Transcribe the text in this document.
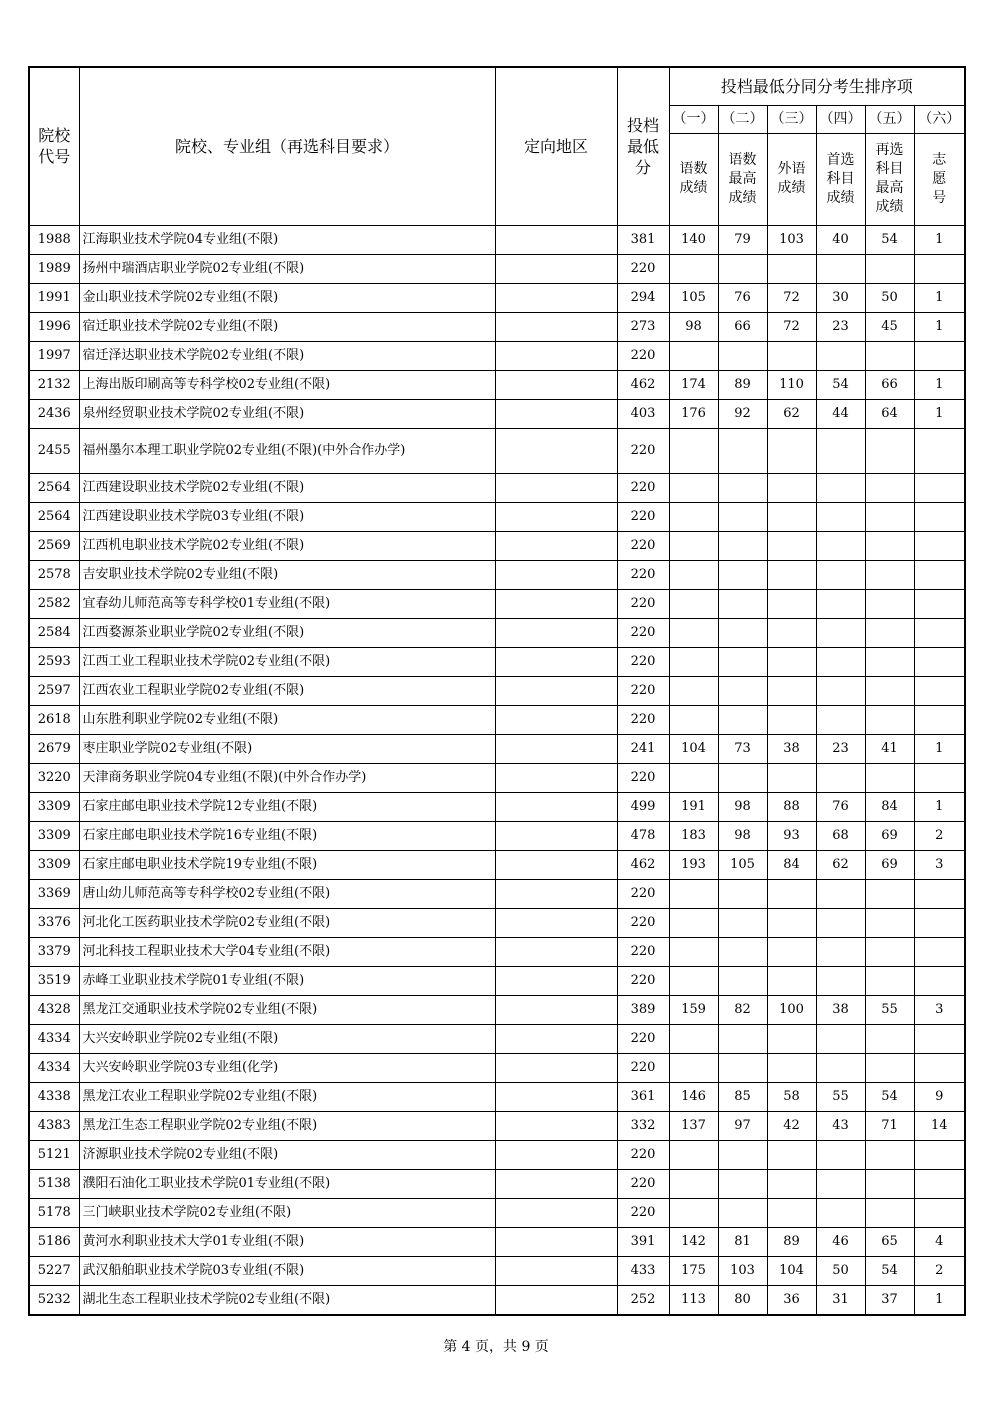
院校代号	院校、专业组（再选科目要求）	定向地区	投档最低分	投档最低分同分考生排序项					
				（一）	（二）	（三）	（四）	（五）	（六）
				语数成绩	语数最高成绩	外语成绩	首选科目成绩	再选科目最高成绩	志愿号
1988	江海职业技术学院04专业组(不限)		381	140	79	103	40	54	1
1989	扬州中瑞酒店职业学院02专业组(不限)		220						
1991	金山职业技术学院02专业组(不限)		294	105	76	72	30	50	1
1996	宿迁职业技术学院02专业组(不限)		273	98	66	72	23	45	1
1997	宿迁泽达职业技术学院02专业组(不限)		220						
2132	上海出版印刷高等专科学校02专业组(不限)		462	174	89	110	54	66	1
2436	泉州经贸职业技术学院02专业组(不限)		403	176	92	62	44	64	1
2455	福州墨尔本理工职业学院02专业组(不限)(中外合作办学)		220						
2564	江西建设职业技术学院02专业组(不限)		220						
2564	江西建设职业技术学院03专业组(不限)		220						
2569	江西机电职业技术学院02专业组(不限)		220						
2578	吉安职业技术学院02专业组(不限)		220						
2582	宜春幼儿师范高等专科学校01专业组(不限)		220						
2584	江西婺源茶业职业学院02专业组(不限)		220						
2593	江西工业工程职业技术学院02专业组(不限)		220						
2597	江西农业工程职业学院02专业组(不限)		220						
2618	山东胜利职业学院02专业组(不限)		220						
2679	枣庄职业学院02专业组(不限)		241	104	73	38	23	41	1
3220	天津商务职业学院04专业组(不限)(中外合作办学)		220						
3309	石家庄邮电职业技术学院12专业组(不限)		499	191	98	88	76	84	1
3309	石家庄邮电职业技术学院16专业组(不限)		478	183	98	93	68	69	2
3309	石家庄邮电职业技术学院19专业组(不限)		462	193	105	84	62	69	3
3369	唐山幼儿师范高等专科学校02专业组(不限)		220						
3376	河北化工医药职业技术学院02专业组(不限)		220						
3379	河北科技工程职业技术大学04专业组(不限)		220						
3519	赤峰工业职业技术学院01专业组(不限)		220						
4328	黑龙江交通职业技术学院02专业组(不限)		389	159	82	100	38	55	3
4334	大兴安岭职业学院02专业组(不限)		220						
4334	大兴安岭职业学院03专业组(化学)		220						
4338	黑龙江农业工程职业学院02专业组(不限)		361	146	85	58	55	54	9
4383	黑龙江生态工程职业学院02专业组(不限)		332	137	97	42	43	71	14
5121	济源职业技术学院02专业组(不限)		220						
5138	濮阳石油化工职业技术学院01专业组(不限)		220						
5178	三门峡职业技术学院02专业组(不限)		220						
5186	黄河水利职业技术大学01专业组(不限)		391	142	81	89	46	65	4
5227	武汉船舶职业技术学院03专业组(不限)		433	175	103	104	50	54	2
5232	湖北生态工程职业技术学院02专业组(不限)		252	113	80	36	31	37	1
第 4 页，共 9 页
